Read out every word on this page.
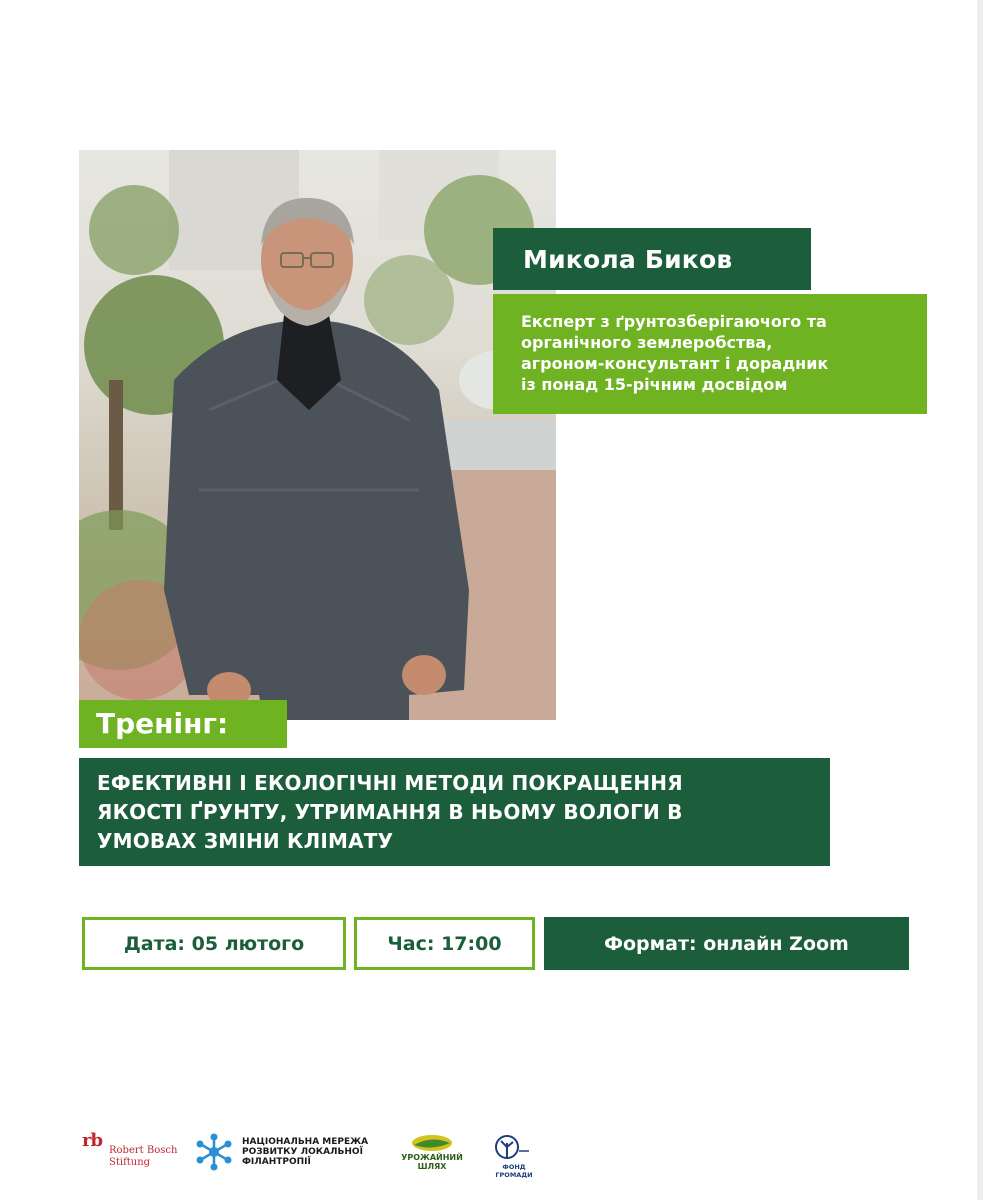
Микола Биков
Експерт з ґрунтозберігаючого та
органічного землеробства,
агроном-консультант і дорадник
із понад 15-річним досвідом
Тренінг:
ЕФЕКТИВНІ І ЕКОЛОГІЧНІ МЕТОДИ ПОКРАЩЕННЯ
ЯКОСТІ ҐРУНТУ, УТРИМАННЯ В НЬОМУ ВОЛОГИ В
УМОВАХ ЗМІНИ КЛІМАТУ
Дата: 05 лютого	Час: 17:00	Формат: онлайн Zoom
rb Robert Bosch
Stiftung
НАЦІОНАЛЬНА МЕРЕЖА
РОЗВИТКУ ЛОКАЛЬНОЇ
ФІЛАНТРОПІЇ	УРОЖАЙНИЙ
ШЛЯХ	ФОНД ГРОМАДИ
